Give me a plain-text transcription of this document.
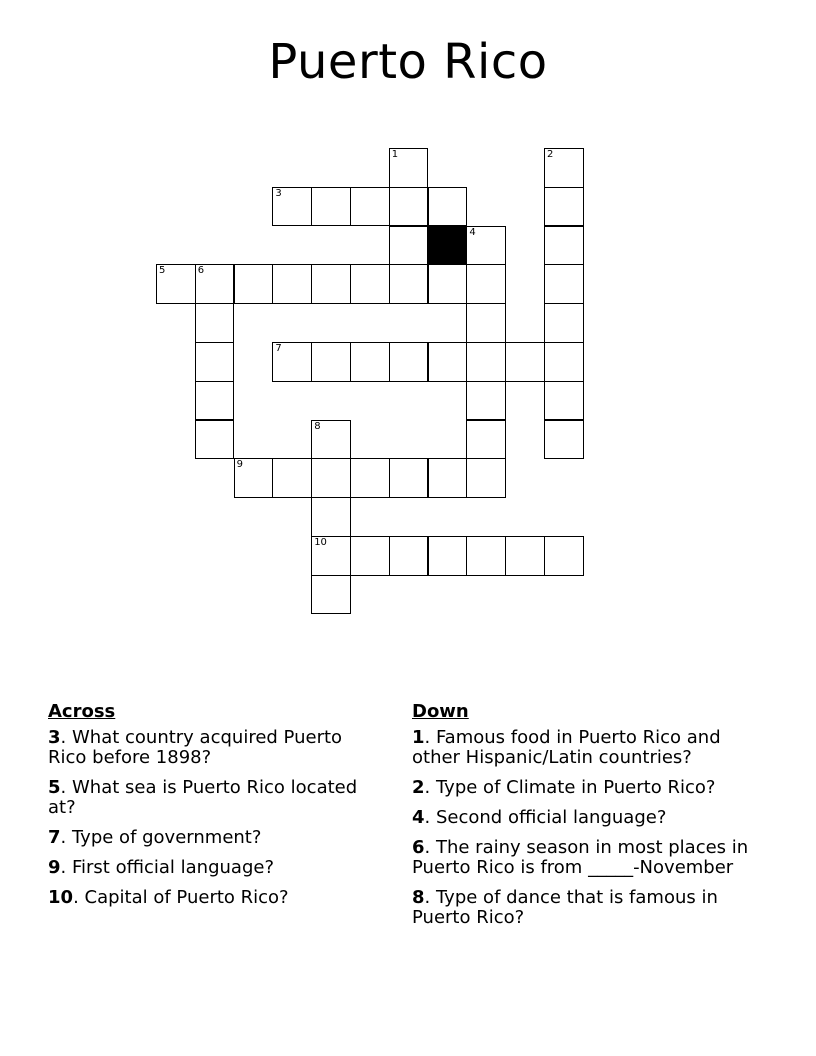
Puerto Rico
1	2
3
4
5	6
7
8
9
10
Across
3. What country acquired Puerto Rico before 1898?
5. What sea is Puerto Rico located at?
7. Type of government?
9. First official language?
10. Capital of Puerto Rico?
Down
1. Famous food in Puerto Rico and other Hispanic/Latin countries?
2. Type of Climate in Puerto Rico?
4. Second official language?
6. The rainy season in most places in Puerto Rico is from _____-November
8. Type of dance that is famous in Puerto Rico?
